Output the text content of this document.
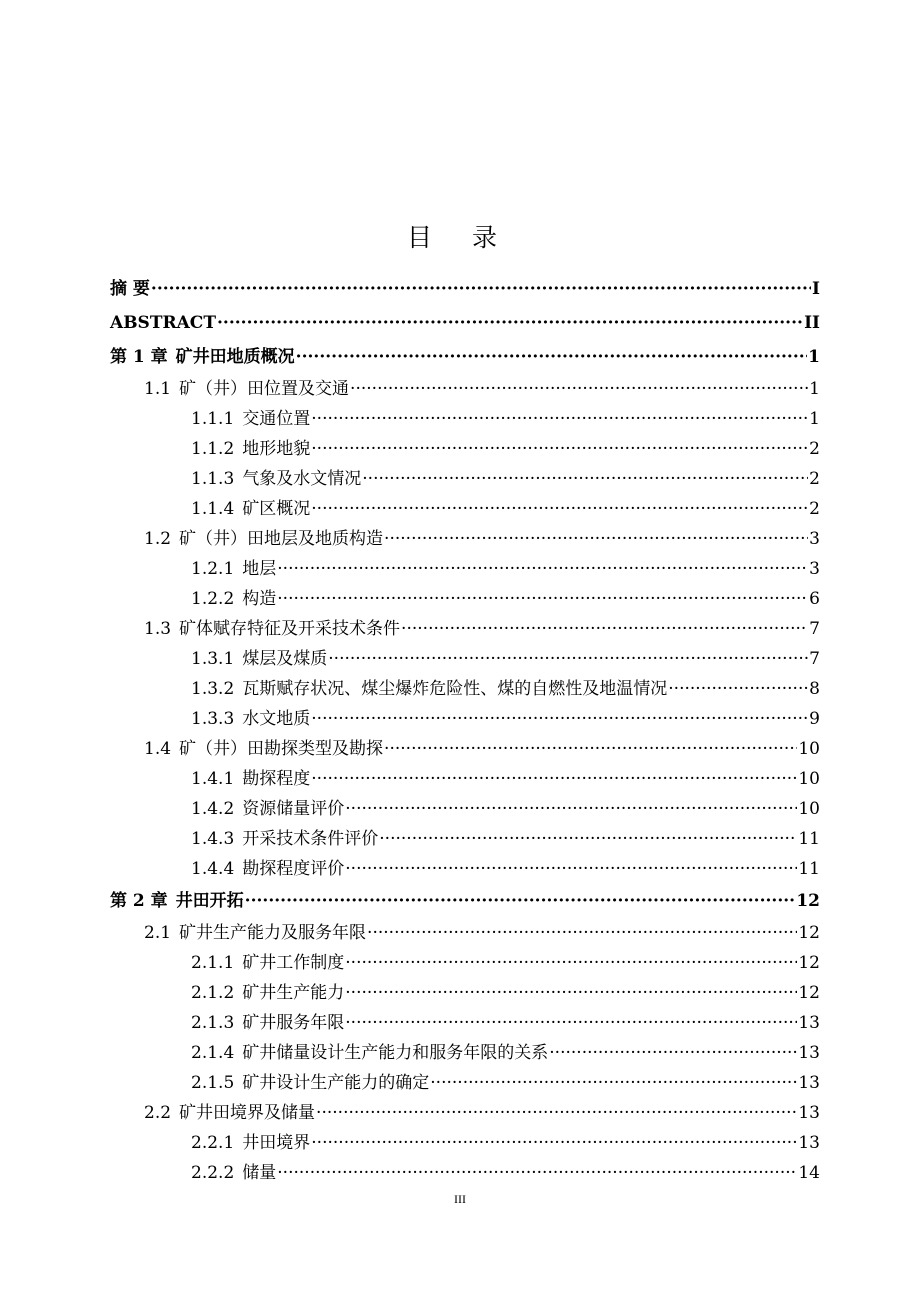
目 录
摘 要 ·····	I
ABSTRACT ·····	II
第 1 章 矿井田地质概况 ·····	1
1.1 矿（井）田位置及交通 ·····	1
1.1.1 交通位置 ·····	1
1.1.2 地形地貌 ·····	2
1.1.3 气象及水文情况 ·····	2
1.1.4 矿区概况 ·····	2
1.2 矿（井）田地层及地质构造 ·····	3
1.2.1 地层 ·····	3
1.2.2 构造 ·····	6
1.3 矿体赋存特征及开采技术条件 ·····	7
1.3.1 煤层及煤质 ·····	7
1.3.2 瓦斯赋存状况、煤尘爆炸危险性、煤的自燃性及地温情况 ·····	8
1.3.3 水文地质 ·····	9
1.4 矿（井）田勘探类型及勘探 ·····	10
1.4.1 勘探程度 ·····	10
1.4.2 资源储量评价 ·····	10
1.4.3 开采技术条件评价 ·····	11
1.4.4 勘探程度评价 ·····	11
第 2 章 井田开拓 ·····	12
2.1 矿井生产能力及服务年限 ·····	12
2.1.1 矿井工作制度 ·····	12
2.1.2 矿井生产能力 ·····	12
2.1.3 矿井服务年限 ·····	13
2.1.4 矿井储量设计生产能力和服务年限的关系 ·····	13
2.1.5 矿井设计生产能力的确定 ·····	13
2.2 矿井田境界及储量 ·····	13
2.2.1 井田境界 ·····	13
2.2.2 储量 ·····	14
III
